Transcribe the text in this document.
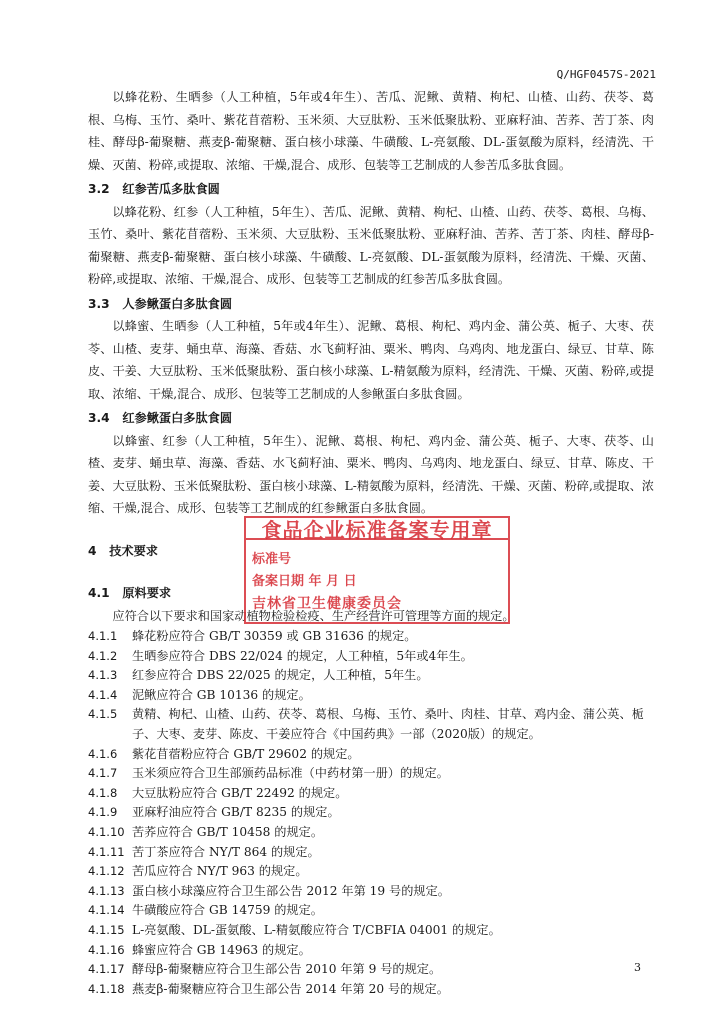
Q/HGF0457S-2021

以蜂花粉、生晒参（人工种植，5年或4年生）、苦瓜、泥鳅、黄精、枸杞、山楂、山药、茯苓、葛根、乌梅、玉竹、桑叶、紫花苜蓿粉、玉米须、大豆肽粉、玉米低聚肽粉、亚麻籽油、苦荞、苦丁茶、肉桂、酵母β-葡聚糖、燕麦β-葡聚糖、蛋白核小球藻、牛磺酸、L-亮氨酸、DL-蛋氨酸为原料，经清洗、干燥、灭菌、粉碎,或提取、浓缩、干燥,混合、成形、包装等工艺制成的人参苦瓜多肽食圆。

3.2 红参苦瓜多肽食圆

以蜂花粉、红参（人工种植，5年生）、苦瓜、泥鳅、黄精、枸杞、山楂、山药、茯苓、葛根、乌梅、玉竹、桑叶、紫花苜蓿粉、玉米须、大豆肽粉、玉米低聚肽粉、亚麻籽油、苦荞、苦丁茶、肉桂、酵母β-葡聚糖、燕麦β-葡聚糖、蛋白核小球藻、牛磺酸、L-亮氨酸、DL-蛋氨酸为原料，经清洗、干燥、灭菌、粉碎,或提取、浓缩、干燥,混合、成形、包装等工艺制成的红参苦瓜多肽食圆。

3.3 人参鳅蛋白多肽食圆

以蜂蜜、生晒参（人工种植，5年或4年生）、泥鳅、葛根、枸杞、鸡内金、蒲公英、栀子、大枣、茯苓、山楂、麦芽、蛹虫草、海藻、香菇、水飞蓟籽油、粟米、鸭肉、乌鸡肉、地龙蛋白、绿豆、甘草、陈皮、干姜、大豆肽粉、玉米低聚肽粉、蛋白核小球藻、L-精氨酸为原料，经清洗、干燥、灭菌、粉碎,或提取、浓缩、干燥,混合、成形、包装等工艺制成的人参鳅蛋白多肽食圆。

3.4 红参鳅蛋白多肽食圆

以蜂蜜、红参（人工种植，5年生）、泥鳅、葛根、枸杞、鸡内金、蒲公英、栀子、大枣、茯苓、山楂、麦芽、蛹虫草、海藻、香菇、水飞蓟籽油、粟米、鸭肉、乌鸡肉、地龙蛋白、绿豆、甘草、陈皮、干姜、大豆肽粉、玉米低聚肽粉、蛋白核小球藻、L-精氨酸为原料，经清洗、干燥、灭菌、粉碎,或提取、浓缩、干燥,混合、成形、包装等工艺制成的红参鳅蛋白多肽食圆。

4 技术要求
4.1 原料要求

应符合以下要求和国家动植物检验检疫、生产经营许可管理等方面的规定。

4.1.1 蜂花粉应符合 GB/T 30359 或 GB 31636 的规定。
4.1.2 生晒参应符合 DBS 22/024 的规定，人工种植，5年或4年生。
4.1.3 红参应符合 DBS 22/025 的规定，人工种植，5年生。
4.1.4 泥鳅应符合 GB 10136 的规定。
4.1.5 黄精、枸杞、山楂、山药、茯苓、葛根、乌梅、玉竹、桑叶、肉桂、甘草、鸡内金、蒲公英、栀子、大枣、麦芽、陈皮、干姜应符合《中国药典》一部（2020版）的规定。
4.1.6 紫花苜蓿粉应符合 GB/T 29602 的规定。
4.1.7 玉米须应符合卫生部颁药品标准（中药材第一册）的规定。
4.1.8 大豆肽粉应符合 GB/T 22492 的规定。
4.1.9 亚麻籽油应符合 GB/T 8235 的规定。
4.1.10 苦荞应符合 GB/T 10458 的规定。
4.1.11 苦丁茶应符合 NY/T 864 的规定。
4.1.12 苦瓜应符合 NY/T 963 的规定。
4.1.13 蛋白核小球藻应符合卫生部公告 2012 年第 19 号的规定。
4.1.14 牛磺酸应符合 GB 14759 的规定。
4.1.15 L-亮氨酸、DL-蛋氨酸、L-精氨酸应符合 T/CBFIA 04001 的规定。
4.1.16 蜂蜜应符合 GB 14963 的规定。
4.1.17 酵母β-葡聚糖应符合卫生部公告 2010 年第 9 号的规定。
4.1.18 燕麦β-葡聚糖应符合卫生部公告 2014 年第 20 号的规定。
食品企业标准备案专用章
标准号
备案日期 年 月 日
吉林省卫生健康委员会
3
